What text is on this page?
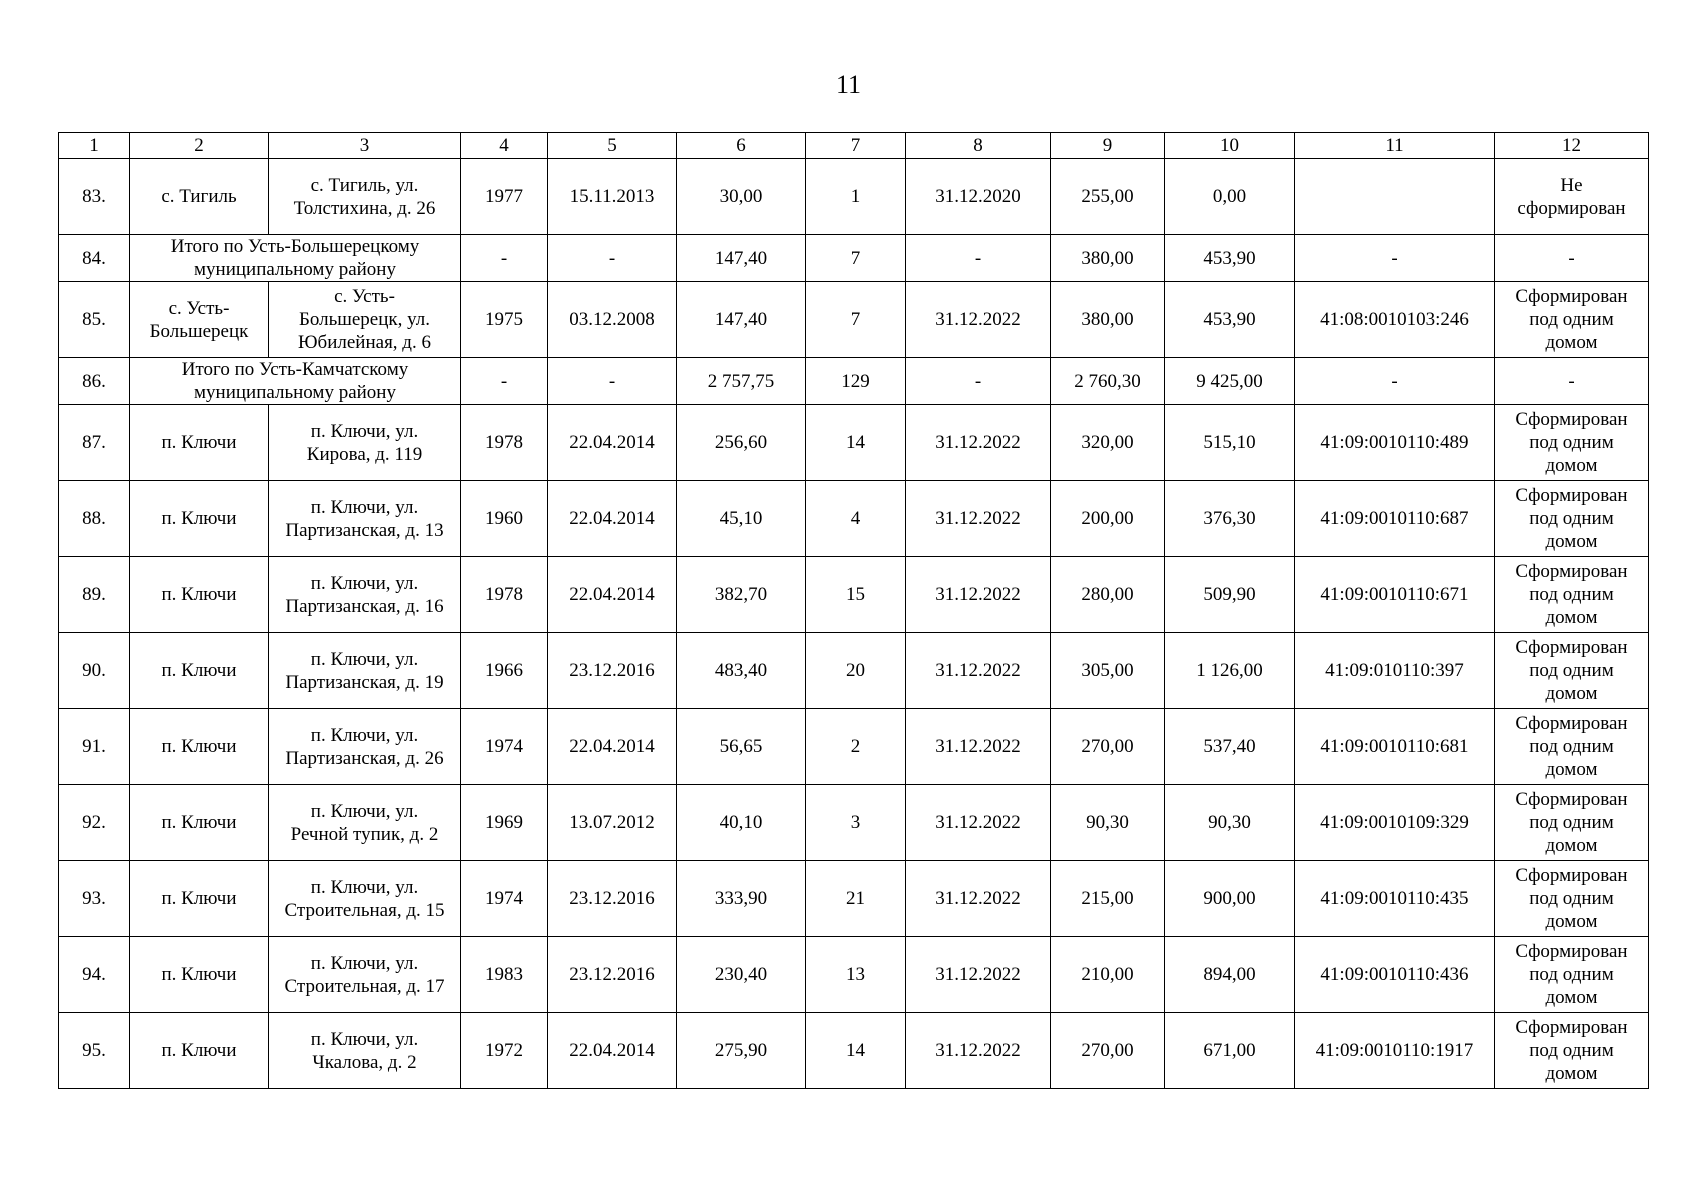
11
1	2	3	4	5	6	7	8	9	10	11	12
83.	с. Тигиль	с. Тигиль, ул.
Толстихина, д. 26	1977	15.11.2013	30,00	1	31.12.2020	255,00	0,00		Не
сформирован
84.	Итого по Усть-Большерецкому муниципальному району		-	-	147,40	7	-	380,00	453,90	-	-
85.	с. Усть-
Большерецк	с. Усть-
Большерецк, ул.
Юбилейная, д. 6	1975	03.12.2008	147,40	7	31.12.2022	380,00	453,90	41:08:0010103:246	Сформирован
под одним
домом
86.	Итого по Усть-Камчатскому муниципальному району		-	-	2 757,75	129	-	2 760,30	9 425,00	-	-
87.	п. Ключи	п. Ключи, ул.
Кирова, д. 119	1978	22.04.2014	256,60	14	31.12.2022	320,00	515,10	41:09:0010110:489	Сформирован
под одним
домом
88.	п. Ключи	п. Ключи, ул.
Партизанская, д. 13	1960	22.04.2014	45,10	4	31.12.2022	200,00	376,30	41:09:0010110:687	Сформирован
под одним
домом
89.	п. Ключи	п. Ключи, ул.
Партизанская, д. 16	1978	22.04.2014	382,70	15	31.12.2022	280,00	509,90	41:09:0010110:671	Сформирован
под одним
домом
90.	п. Ключи	п. Ключи, ул.
Партизанская, д. 19	1966	23.12.2016	483,40	20	31.12.2022	305,00	1 126,00	41:09:010110:397	Сформирован
под одним
домом
91.	п. Ключи	п. Ключи, ул.
Партизанская, д. 26	1974	22.04.2014	56,65	2	31.12.2022	270,00	537,40	41:09:0010110:681	Сформирован
под одним
домом
92.	п. Ключи	п. Ключи, ул.
Речной тупик, д. 2	1969	13.07.2012	40,10	3	31.12.2022	90,30	90,30	41:09:0010109:329	Сформирован
под одним
домом
93.	п. Ключи	п. Ключи, ул.
Строительная, д. 15	1974	23.12.2016	333,90	21	31.12.2022	215,00	900,00	41:09:0010110:435	Сформирован
под одним
домом
94.	п. Ключи	п. Ключи, ул.
Строительная, д. 17	1983	23.12.2016	230,40	13	31.12.2022	210,00	894,00	41:09:0010110:436	Сформирован
под одним
домом
95.	п. Ключи	п. Ключи, ул.
Чкалова, д. 2	1972	22.04.2014	275,90	14	31.12.2022	270,00	671,00	41:09:0010110:1917	Сформирован
под одним
домом
